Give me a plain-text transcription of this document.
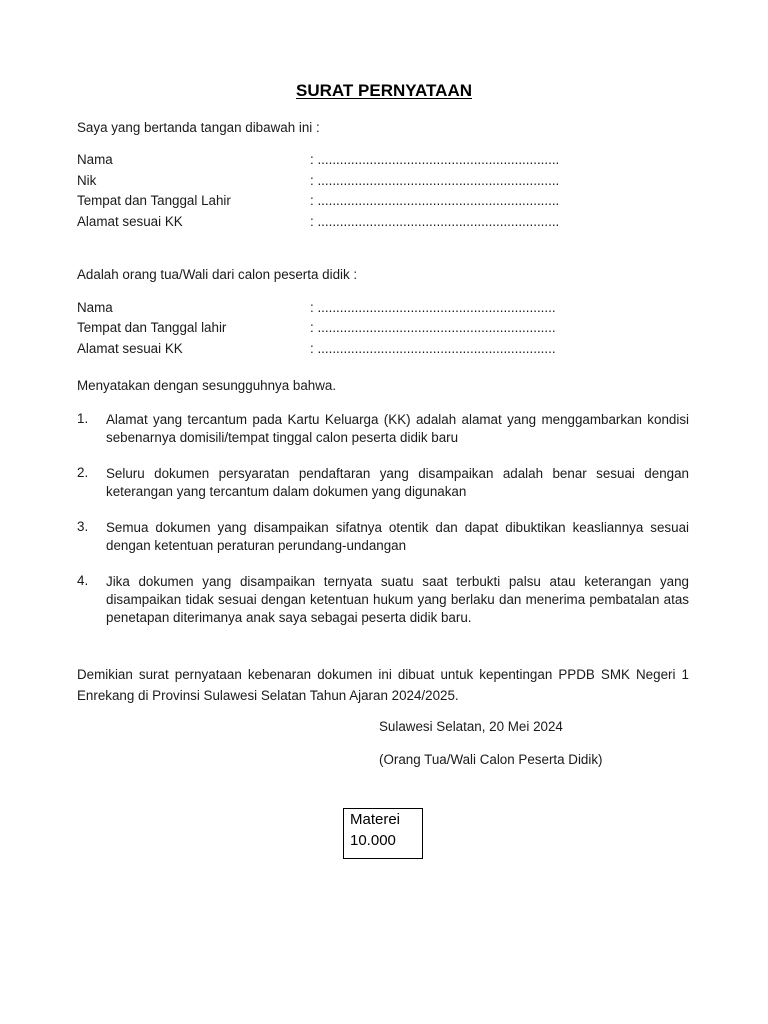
SURAT PERNYATAAN
Saya yang bertanda tangan dibawah ini :
Nama	: .................................................................
Nik	: .................................................................
Tempat dan Tanggal Lahir	: .................................................................
Alamat sesuai KK	: .................................................................
Adalah orang tua/Wali dari calon peserta didik :
Nama	: ................................................................
Tempat dan Tanggal lahir	: ................................................................
Alamat sesuai KK	: ................................................................
Menyatakan dengan sesungguhnya bahwa.
1. Alamat yang tercantum pada Kartu Keluarga (KK) adalah alamat yang menggambarkan kondisi sebenarnya domisili/tempat tinggal calon peserta didik baru
2. Seluru dokumen persyaratan pendaftaran yang disampaikan adalah benar sesuai dengan keterangan yang tercantum dalam dokumen yang digunakan
3. Semua dokumen yang disampaikan sifatnya otentik dan dapat dibuktikan keasliannya sesuai dengan ketentuan peraturan perundang-undangan
4. Jika dokumen yang disampaikan ternyata suatu saat terbukti palsu atau keterangan yang disampaikan tidak sesuai dengan ketentuan hukum yang berlaku dan menerima pembatalan atas penetapan diterimanya anak saya sebagai peserta didik baru.
Demikian surat pernyataan kebenaran dokumen ini dibuat untuk kepentingan PPDB SMK Negeri 1 Enrekang di Provinsi Sulawesi Selatan Tahun Ajaran 2024/2025.
Sulawesi Selatan, 20 Mei 2024
(Orang Tua/Wali Calon Peserta Didik)
Materei
10.000
